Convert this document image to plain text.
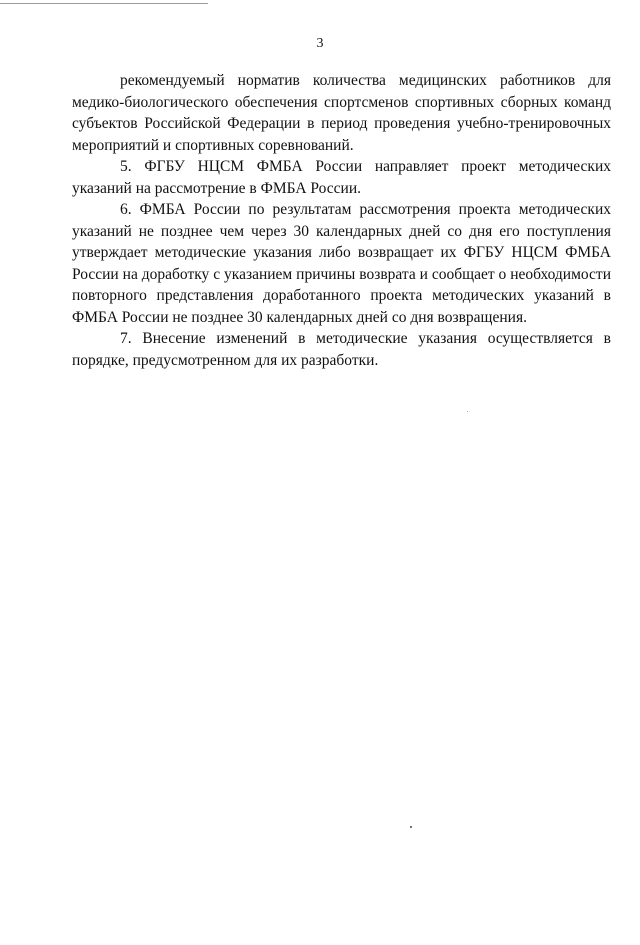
3

рекомендуемый норматив количества медицинских работников для медико-биологического обеспечения спортсменов спортивных сборных команд субъектов Российской Федерации в период проведения учебно-тренировочных мероприятий и спортивных соревнований.

5. ФГБУ НЦСМ ФМБА России направляет проект методических указаний на рассмотрение в ФМБА России.

6. ФМБА России по результатам рассмотрения проекта методических указаний не позднее чем через 30 календарных дней со дня его поступления утверждает методические указания либо возвращает их ФГБУ НЦСМ ФМБА России на доработку с указанием причины возврата и сообщает о необходимости повторного представления доработанного проекта методических указаний в ФМБА России не позднее 30 календарных дней со дня возвращения.

7. Внесение изменений в методические указания осуществляется в порядке, предусмотренном для их разработки.
